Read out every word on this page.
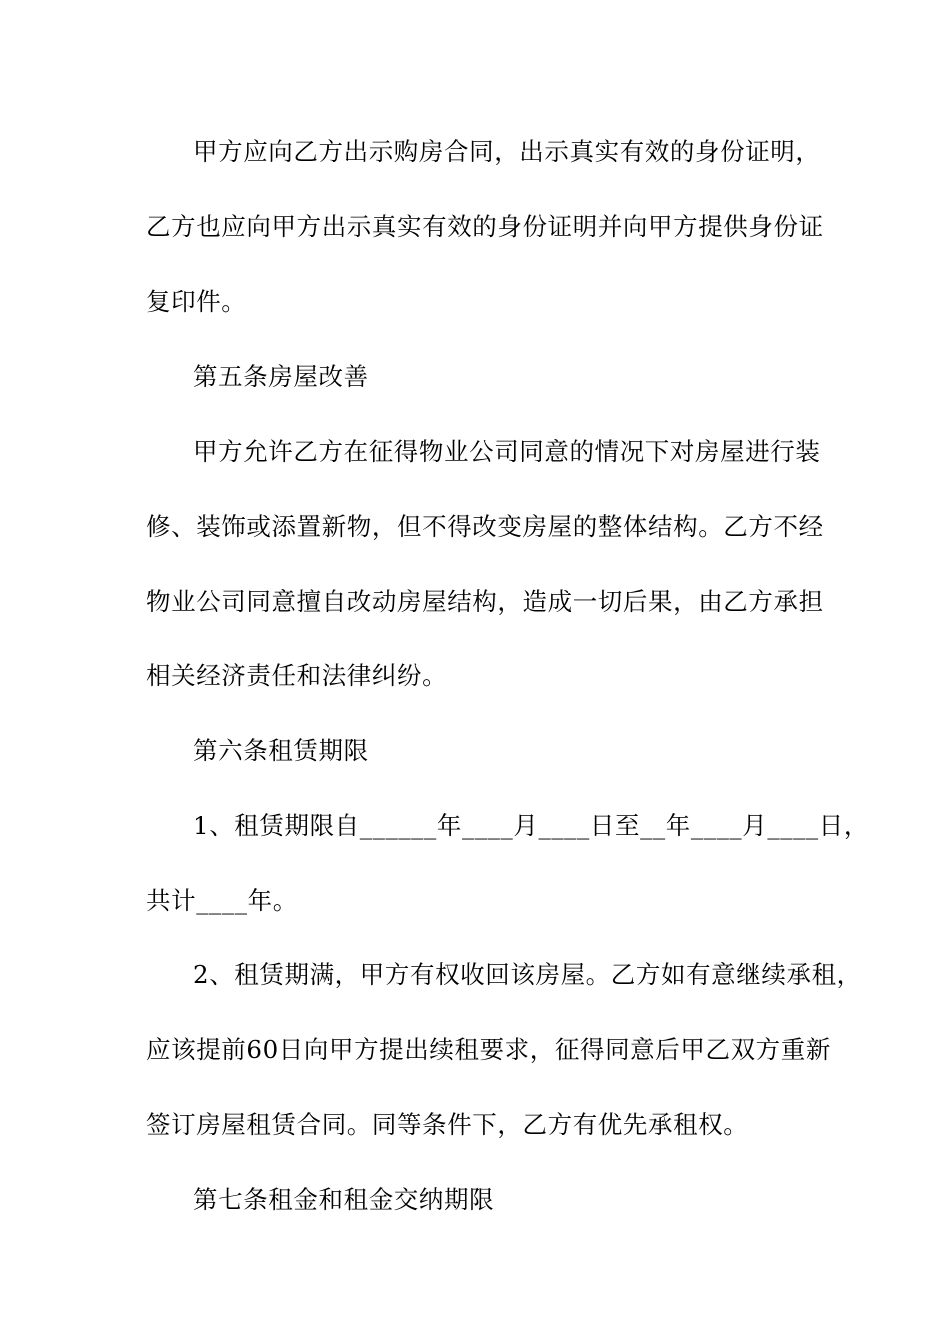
甲方应向乙方出示购房合同，出示真实有效的身份证明，
乙方也应向甲方出示真实有效的身份证明并向甲方提供身份证
复印件。
第五条房屋改善
甲方允许乙方在征得物业公司同意的情况下对房屋进行装
修、装饰或添置新物，但不得改变房屋的整体结构。乙方不经
物业公司同意擅自改动房屋结构，造成一切后果，由乙方承担
相关经济责任和法律纠纷。
第六条租赁期限
1、租赁期限自______年____月____日至__年____月____日，
共计____年。
2、租赁期满，甲方有权收回该房屋。乙方如有意继续承租，
应该提前60日向甲方提出续租要求，征得同意后甲乙双方重新
签订房屋租赁合同。同等条件下，乙方有优先承租权。
第七条租金和租金交纳期限
